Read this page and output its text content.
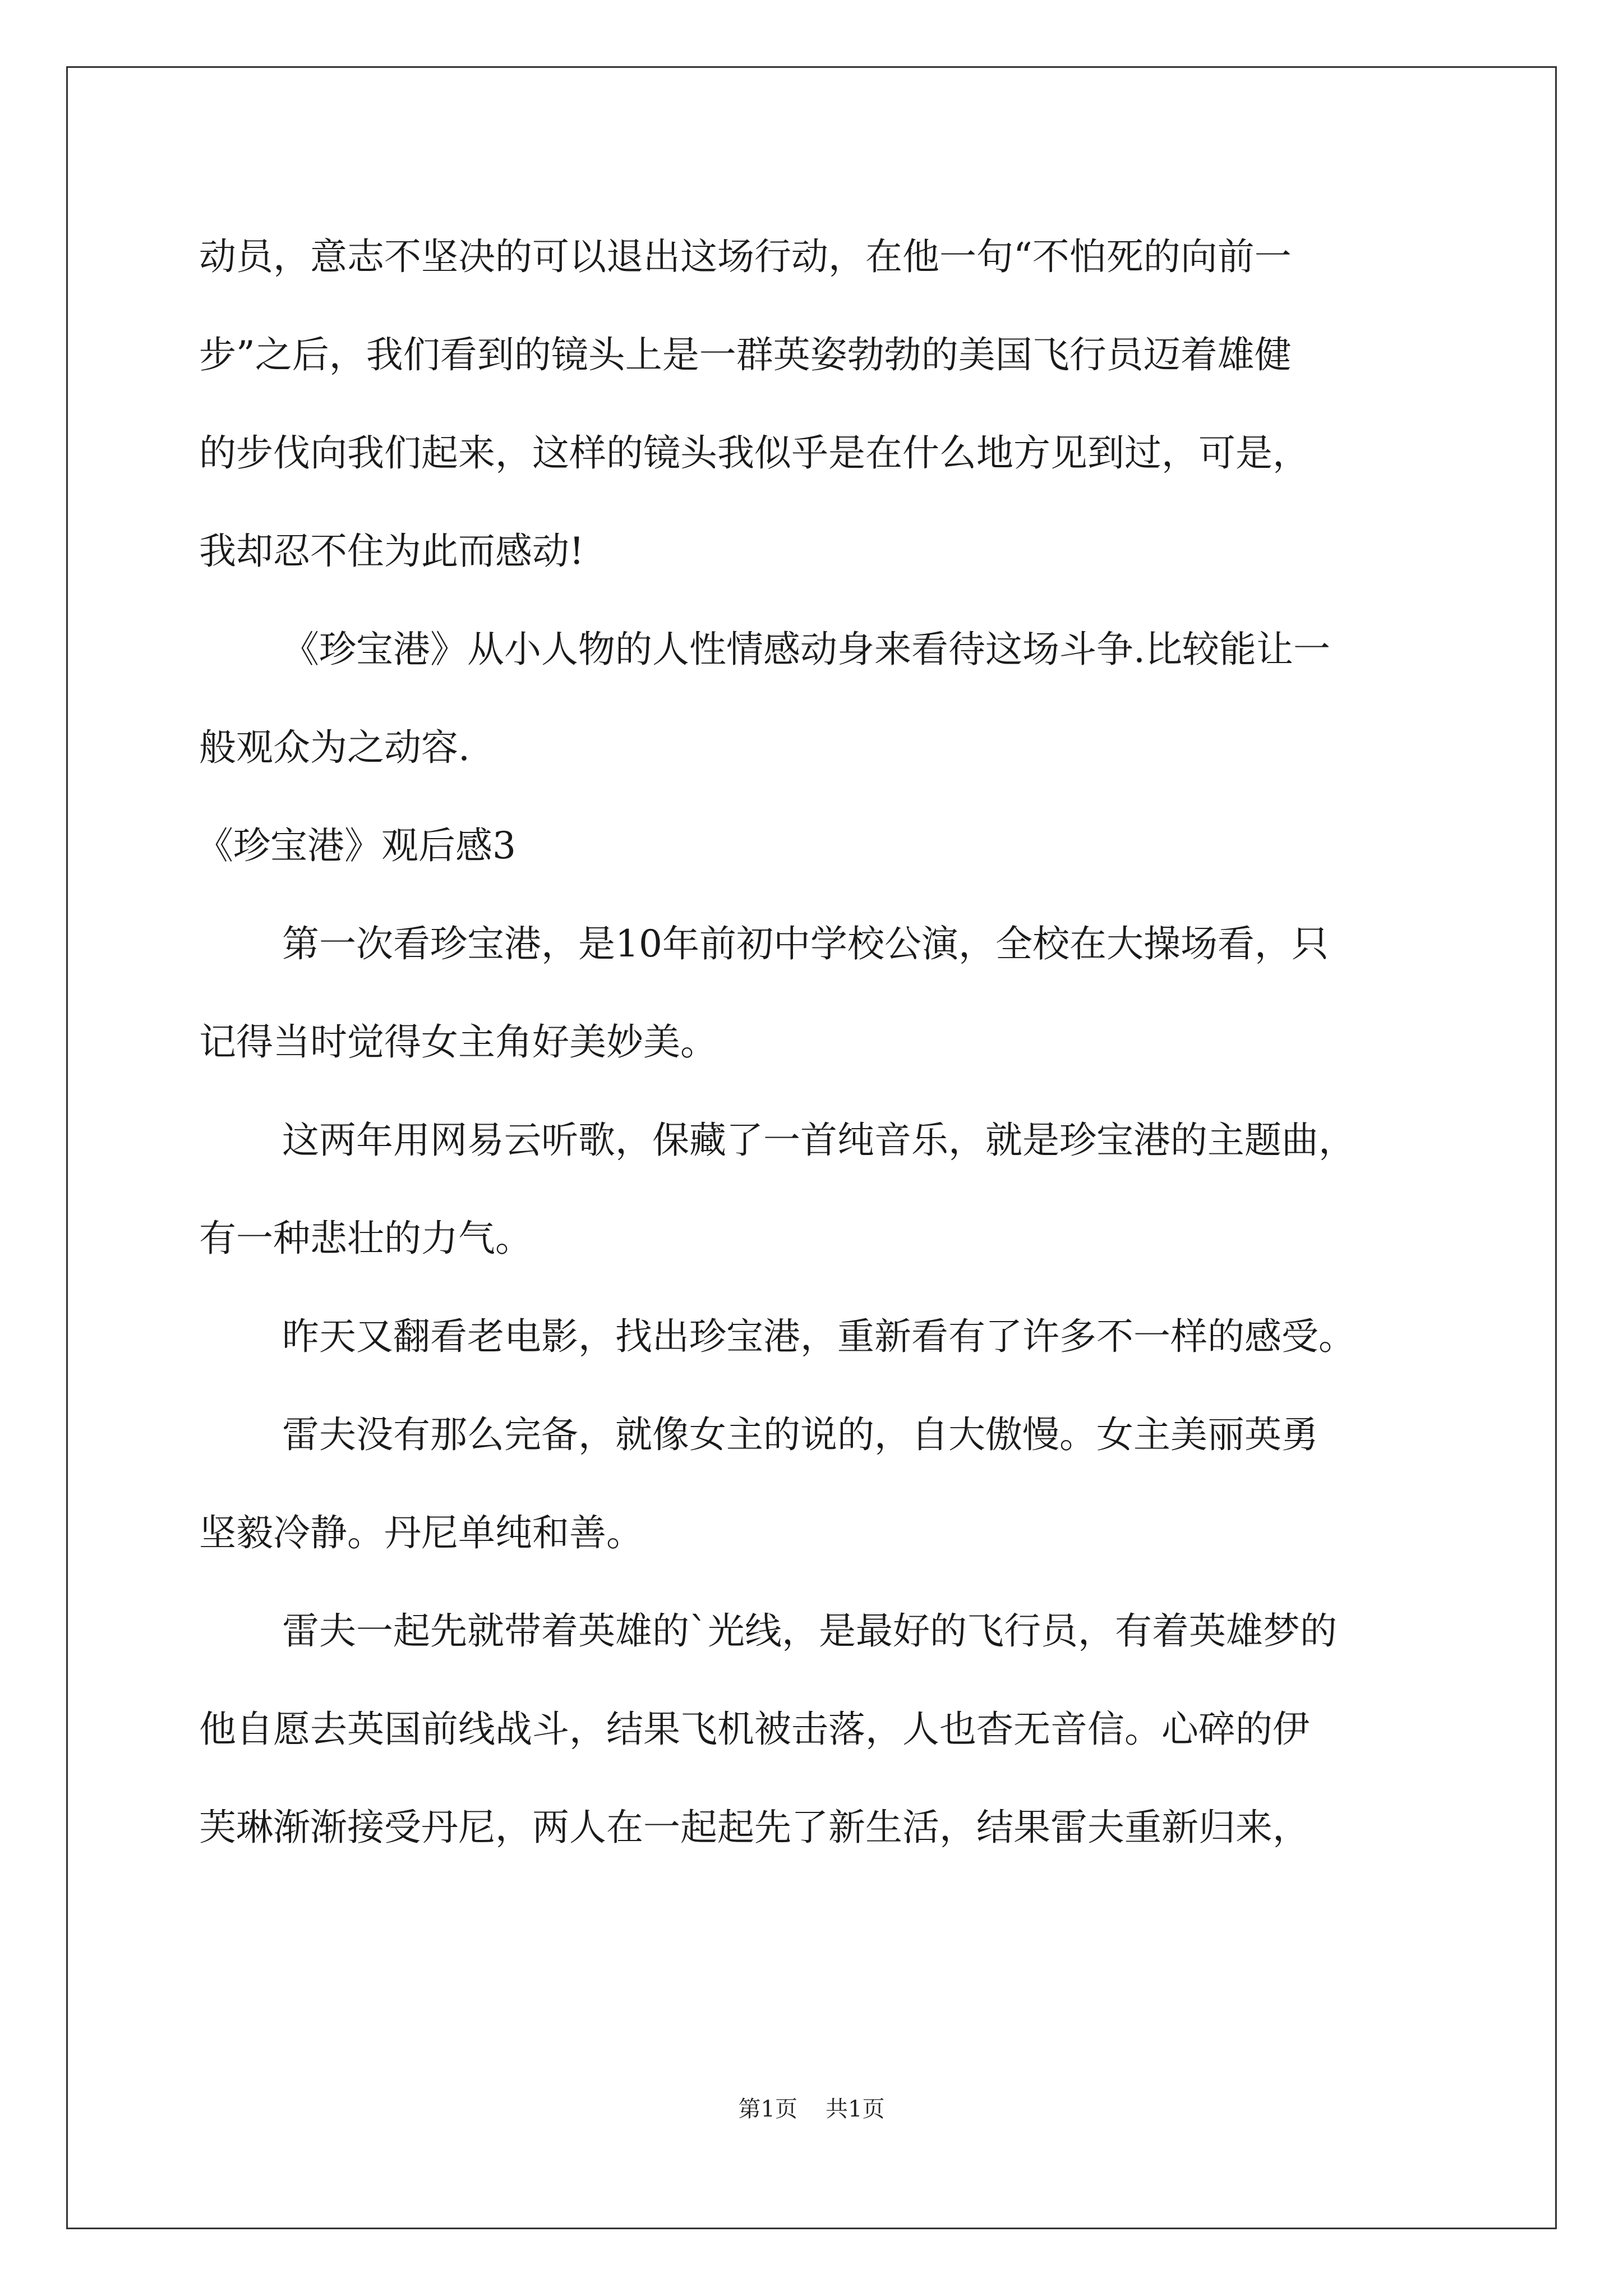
动员，意志不坚决的可以退出这场行动，在他一句“不怕死的向前一
步”之后，我们看到的镜头上是一群英姿勃勃的美国飞行员迈着雄健
的步伐向我们起来，这样的镜头我似乎是在什么地方见到过，可是，
我却忍不住为此而感动!
《珍宝港》从小人物的人性情感动身来看待这场斗争.比较能让一
般观众为之动容.
《珍宝港》观后感3
第一次看珍宝港，是10年前初中学校公演，全校在大操场看，只
记得当时觉得女主角好美妙美。
这两年用网易云听歌，保藏了一首纯音乐，就是珍宝港的主题曲，
有一种悲壮的力气。
昨天又翻看老电影，找出珍宝港，重新看有了许多不一样的感受。
雷夫没有那么完备，就像女主的说的，自大傲慢。女主美丽英勇
坚毅冷静。丹尼单纯和善。
雷夫一起先就带着英雄的`光线，是最好的飞行员，有着英雄梦的
他自愿去英国前线战斗，结果飞机被击落，人也杳无音信。心碎的伊
芙琳渐渐接受丹尼，两人在一起起先了新生活，结果雷夫重新归来，
第1页 共1页
